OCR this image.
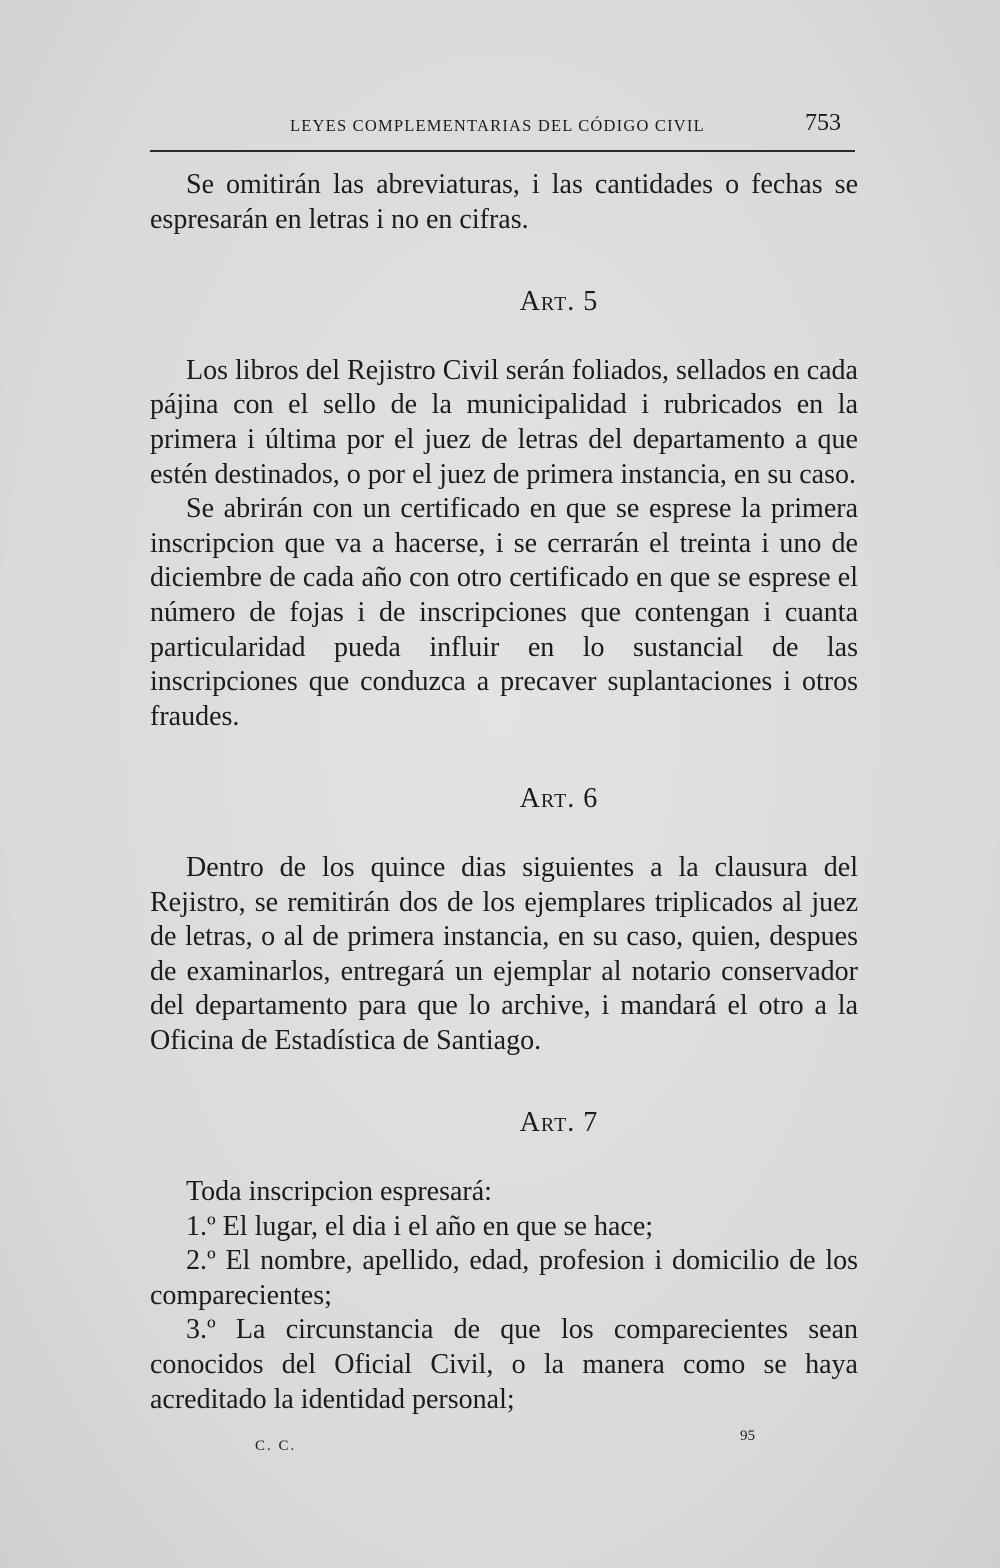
LEYES COMPLEMENTARIAS DEL CÓDIGO CIVIL	753

Se omitirán las abreviaturas, i las cantidades o fechas se espresarán en letras i no en cifras.

Art. 5

Los libros del Rejistro Civil serán foliados, sellados en cada pájina con el sello de la municipalidad i rubricados en la primera i última por el juez de letras del departamento a que estén destinados, o por el juez de primera instancia, en su caso.

Se abrirán con un certificado en que se esprese la primera inscripcion que va a hacerse, i se cerrarán el treinta i uno de diciembre de cada año con otro certificado en que se esprese el número de fojas i de inscripciones que contengan i cuanta particularidad pueda influir en lo sustancial de las inscripciones que conduzca a precaver suplantaciones i otros fraudes.

Art. 6

Dentro de los quince dias siguientes a la clausura del Rejistro, se remitirán dos de los ejemplares triplicados al juez de letras, o al de primera instancia, en su caso, quien, despues de examinarlos, entregará un ejemplar al notario conservador del departamento para que lo archive, i mandará el otro a la Oficina de Estadística de Santiago.

Art. 7

Toda inscripcion espresará:

1.º El lugar, el dia i el año en que se hace;

2.º El nombre, apellido, edad, profesion i domicilio de los comparecientes;

3.º La circunstancia de que los comparecientes sean conocidos del Oficial Civil, o la manera como se haya acreditado la identidad personal;

C. C.
95
